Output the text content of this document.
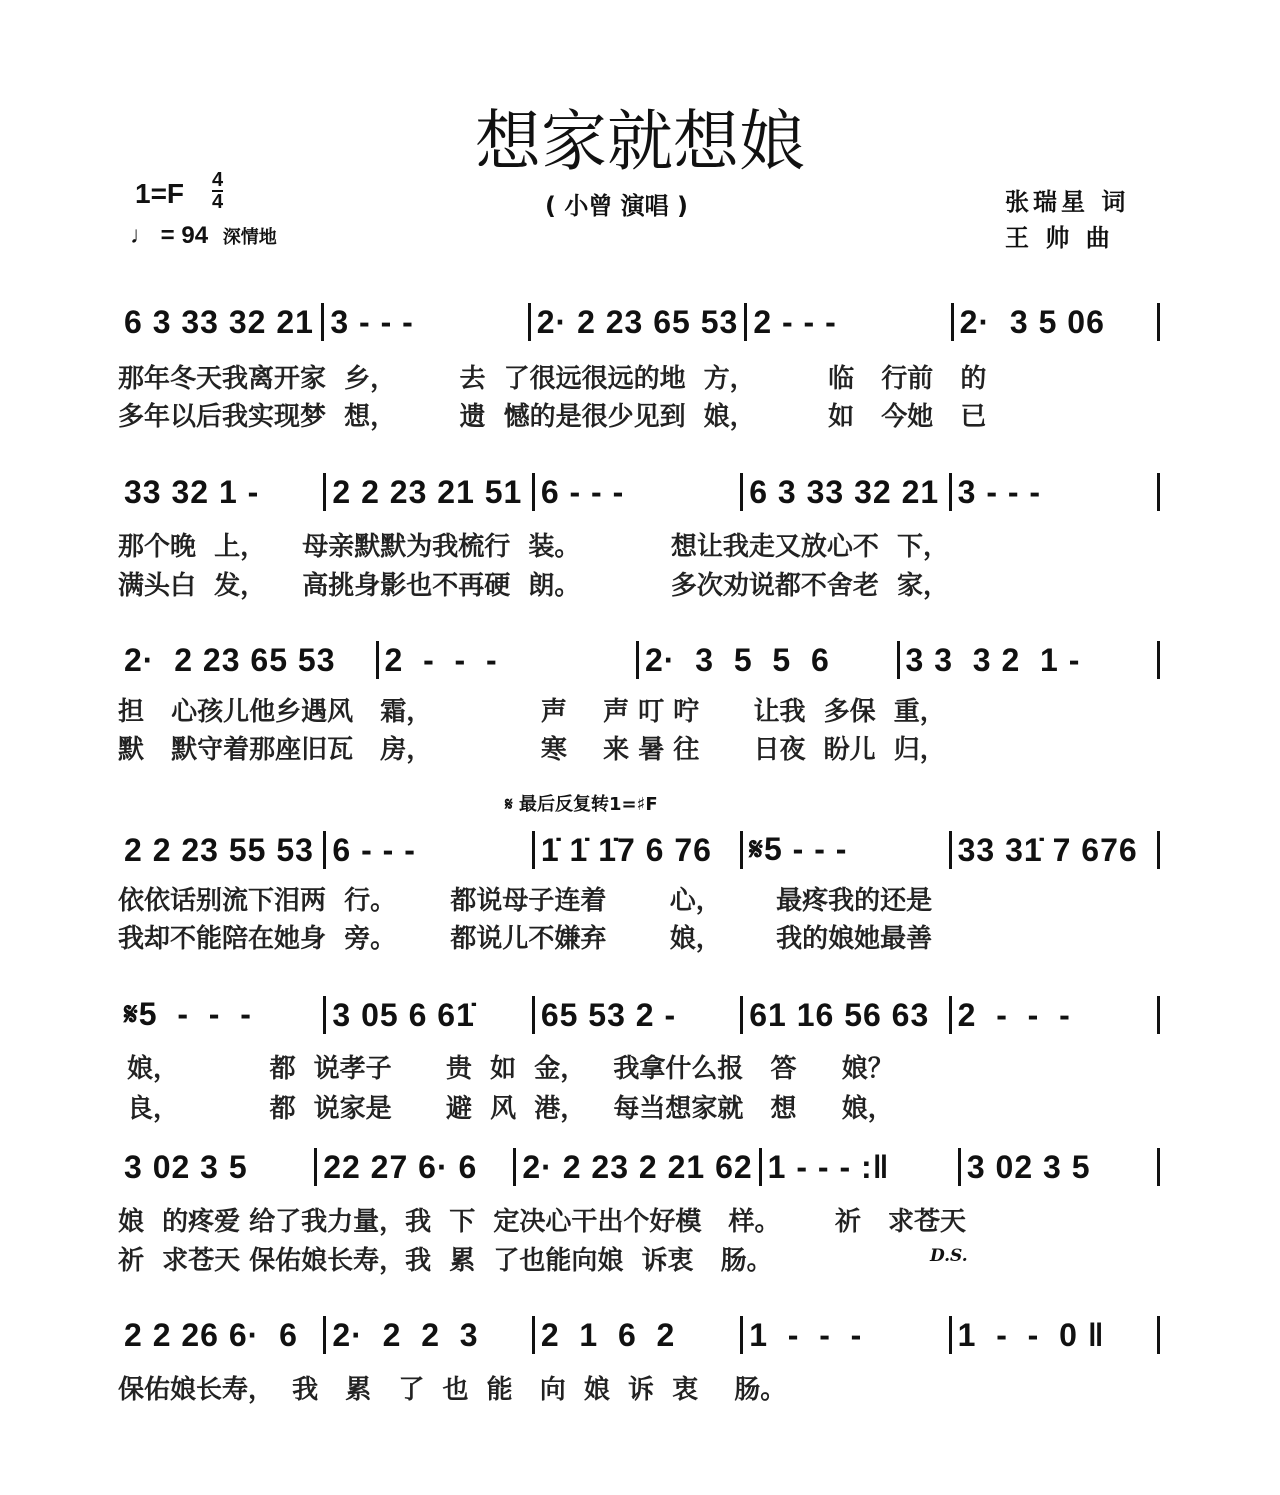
想家就想娘
1=F 4
4
♩ = 94 深情地
( 小曾 演唱 )	张瑞星 词
王 帅 曲
𝄋 最后反复转1=♯F
D.S.
6 3 33 32 21 3 - - -	2· 2 23 65 53 2 - - -	2·  3 5 06
那年冬天我离开家  乡，       去  了很远很远的地  方，        临   行前   的
多年以后我实现梦  想，       遗  憾的是很少见到  娘，        如   今她   已
33 32 1 -	2 2 23 21 51 6 - - -	6 3 33 32 21 3 - - -
那个晚  上，    母亲默默为我梳行  装。          想让我走又放心不  下，
满头白  发，    高挑身影也不再硬  朗。          多次劝说都不舍老  家，
2·  2 23 65 53	2  -  -  -	2·  3  5  5  6	3 3  3 2  1 -
担   心孩儿他乡遇风   霜，            声    声 叮 咛      让我  多保  重，
默   默守着那座旧瓦   房，            寒    来 暑 往      日夜  盼儿  归，
2 2 23 55 53 6 - - -	1̇ 1̇ 1̇7 6 76	𝄋5 - - -	33 31̇ 7 676
依依话别流下泪两  行。      都说母子连着       心，      最疼我的还是
我却不能陪在她身  旁。      都说儿不嫌弃       娘，      我的娘她最善
𝄋5  -  -  -	3 05 6 61̇	65 53 2 -	61 16 56 63 2  -  -  -
娘，          都  说孝子      贵  如  金，   我拿什么报   答     娘？
良，          都  说家是      避  风  港，   每当想家就   想     娘，
3 02 3 5	22 27 6· 6	2· 2 23 2 21 62 1 - - - :‖	3 02 3 5
娘  的疼爱 给了我力量，我  下  定决心干出个好模   样。      祈   求苍天
祈  求苍天 保佑娘长寿，我  累  了也能向娘  诉衷   肠。
2 2 26 6·  6	2·  2  2  3	2  1  6  2	1  -  -  -	1  -  -  0 ‖
保佑娘长寿，  我   累   了  也  能   向  娘  诉  衷    肠。
